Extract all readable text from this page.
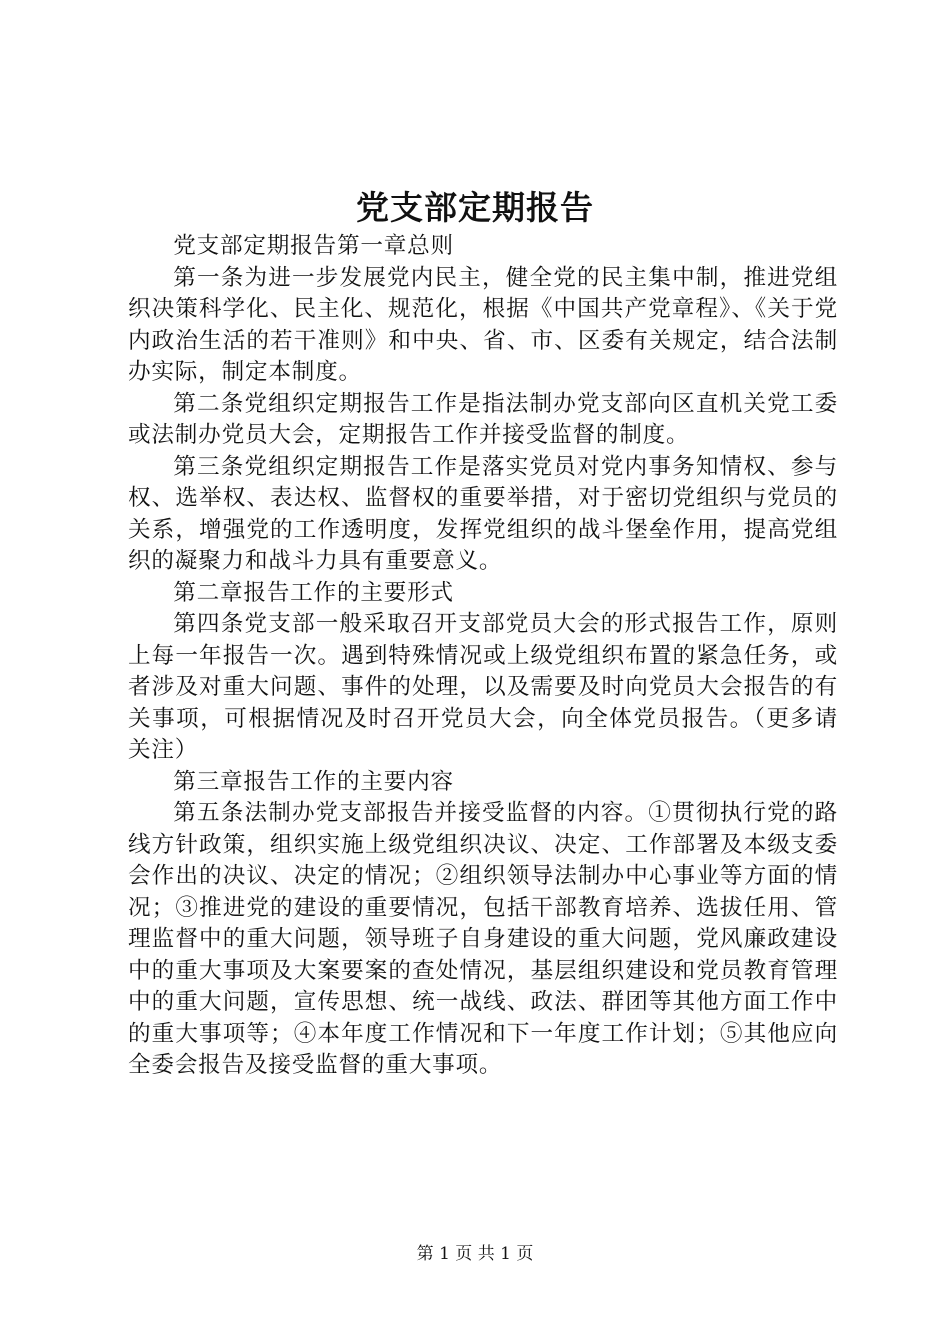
党支部定期报告

党支部定期报告第一章总则

第一条为进一步发展党内民主，健全党的民主集中制，推进党组织决策科学化、民主化、规范化，根据《中国共产党章程》、《关于党内政治生活的若干准则》和中央、省、市、区委有关规定，结合法制办实际，制定本制度。

第二条党组织定期报告工作是指法制办党支部向区直机关党工委或法制办党员大会，定期报告工作并接受监督的制度。

第三条党组织定期报告工作是落实党员对党内事务知情权、参与权、选举权、表达权、监督权的重要举措，对于密切党组织与党员的关系，增强党的工作透明度，发挥党组织的战斗堡垒作用，提高党组织的凝聚力和战斗力具有重要意义。

第二章报告工作的主要形式

第四条党支部一般采取召开支部党员大会的形式报告工作，原则上每一年报告一次。遇到特殊情况或上级党组织布置的紧急任务，或者涉及对重大问题、事件的处理，以及需要及时向党员大会报告的有关事项，可根据情况及时召开党员大会，向全体党员报告。（更多请关注）

第三章报告工作的主要内容

第五条法制办党支部报告并接受监督的内容。①贯彻执行党的路线方针政策，组织实施上级党组织决议、决定、工作部署及本级支委会作出的决议、决定的情况；②组织领导法制办中心事业等方面的情况；③推进党的建设的重要情况，包括干部教育培养、选拔任用、管理监督中的重大问题，领导班子自身建设的重大问题，党风廉政建设中的重大事项及大案要案的查处情况，基层组织建设和党员教育管理中的重大问题，宣传思想、统一战线、政法、群团等其他方面工作中的重大事项等；④本年度工作情况和下一年度工作计划；⑤其他应向全委会报告及接受监督的重大事项。

第 1 页 共 1 页
